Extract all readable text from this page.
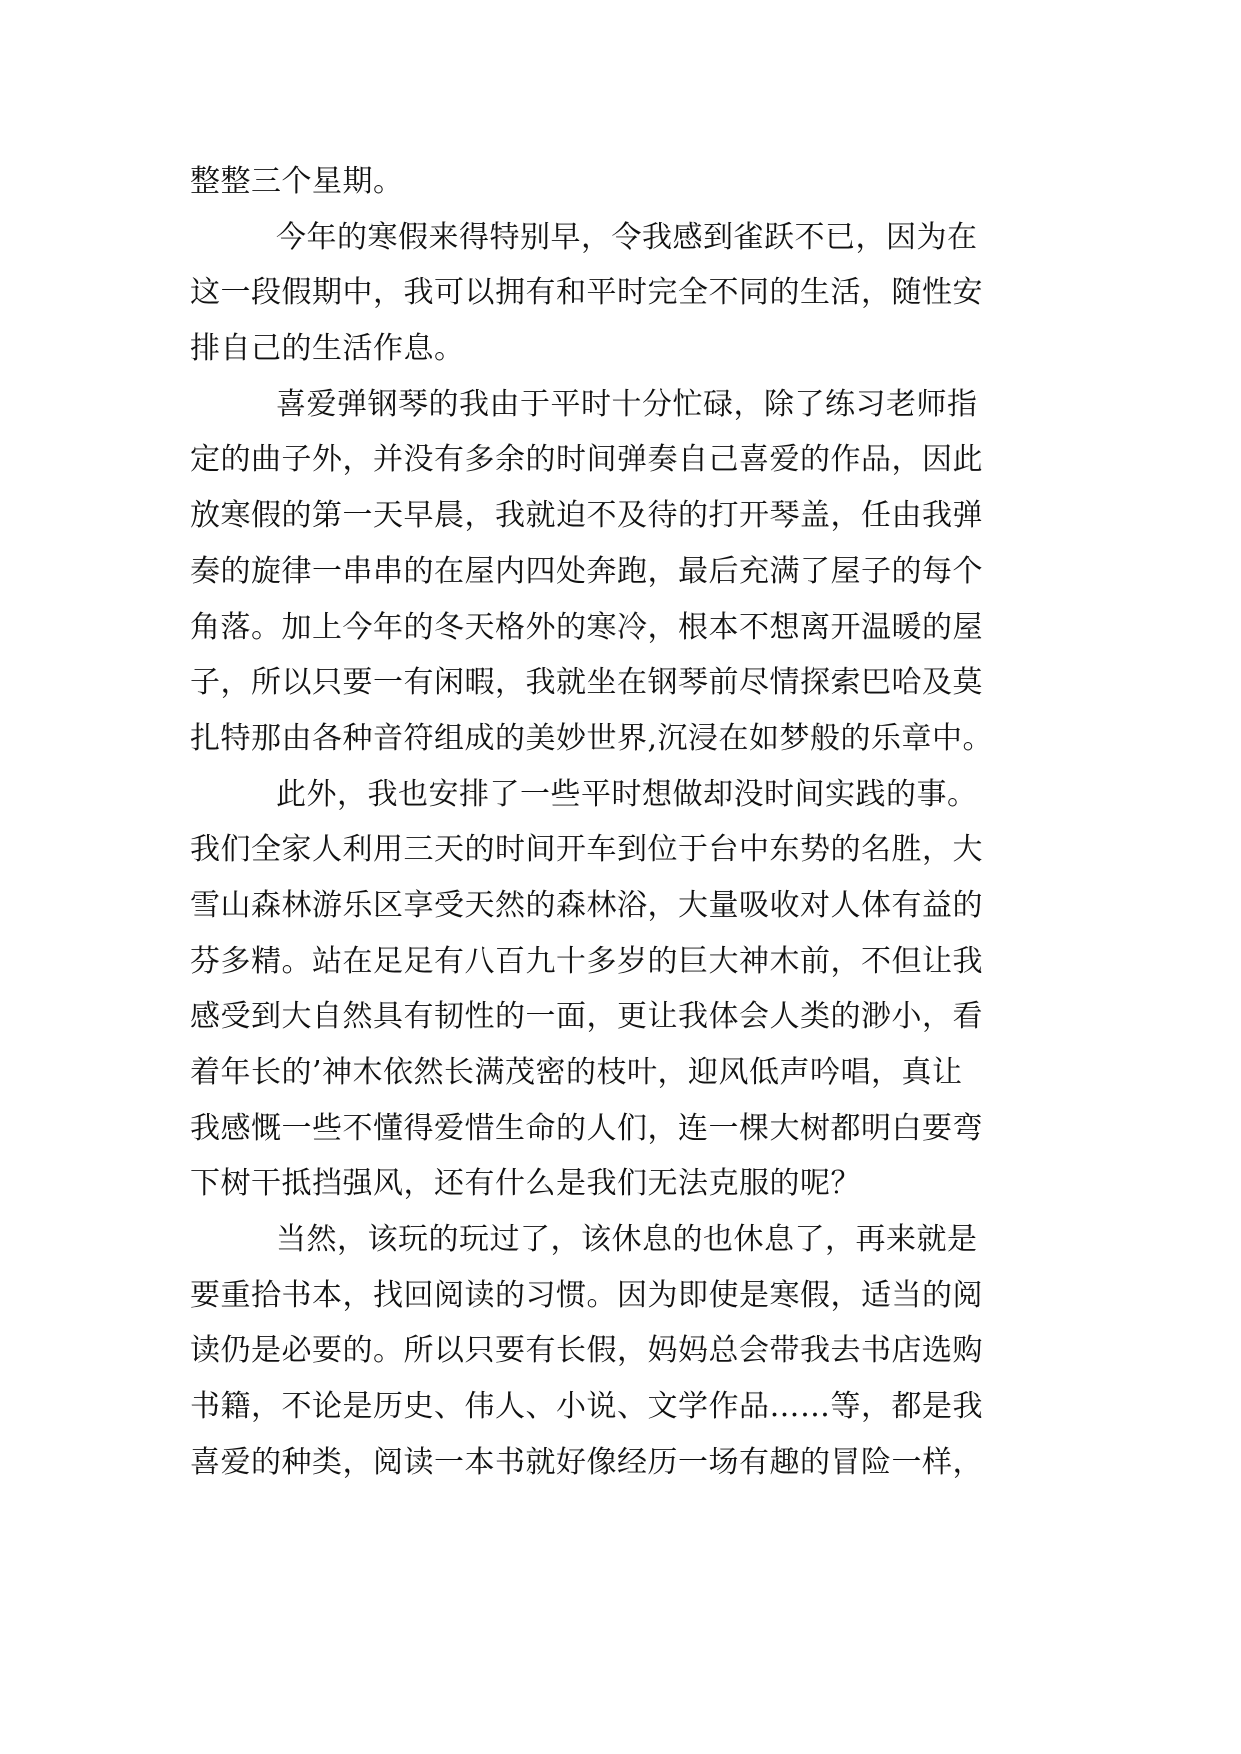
整整三个星期。
今年的寒假来得特别早，令我感到雀跃不已，因为在
这一段假期中，我可以拥有和平时完全不同的生活，随性安
排自己的生活作息。
喜爱弹钢琴的我由于平时十分忙碌，除了练习老师指
定的曲子外，并没有多余的时间弹奏自己喜爱的作品，因此
放寒假的第一天早晨，我就迫不及待的打开琴盖，任由我弹
奏的旋律一串串的在屋内四处奔跑，最后充满了屋子的每个
角落。加上今年的冬天格外的寒冷，根本不想离开温暖的屋
子，所以只要一有闲暇，我就坐在钢琴前尽情探索巴哈及莫
扎特那由各种音符组成的美妙世界,沉浸在如梦般的乐章中。
此外，我也安排了一些平时想做却没时间实践的事。
我们全家人利用三天的时间开车到位于台中东势的名胜，大
雪山森林游乐区享受天然的森林浴，大量吸收对人体有益的
芬多精。站在足足有八百九十多岁的巨大神木前，不但让我
感受到大自然具有韧性的一面，更让我体会人类的渺小，看
着年长的’神木依然长满茂密的枝叶，迎风低声吟唱，真让
我感慨一些不懂得爱惜生命的人们，连一棵大树都明白要弯
下树干抵挡强风，还有什么是我们无法克服的呢？
当然，该玩的玩过了，该休息的也休息了，再来就是
要重拾书本，找回阅读的习惯。因为即使是寒假，适当的阅
读仍是必要的。所以只要有长假，妈妈总会带我去书店选购
书籍，不论是历史、伟人、小说、文学作品……等，都是我
喜爱的种类，阅读一本书就好像经历一场有趣的冒险一样，
